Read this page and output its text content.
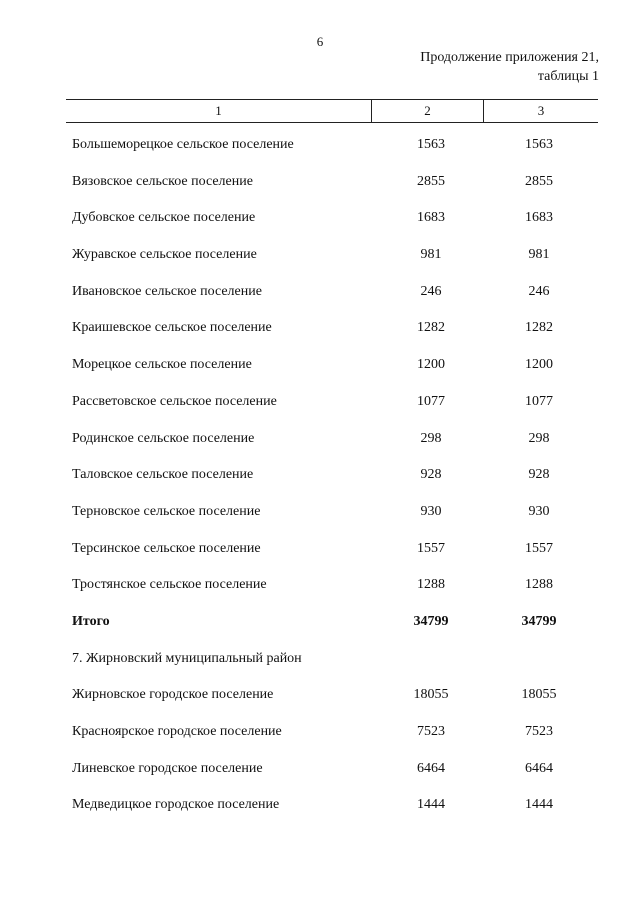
6
Продолжение приложения 21,
таблицы 1
1	2	3
Большеморецкое сельское поселение	1563	1563
Вязовское сельское поселение	2855	2855
Дубовское сельское поселение	1683	1683
Журавское сельское поселение	981	981
Ивановское сельское поселение	246	246
Краишевское сельское поселение	1282	1282
Морецкое сельское поселение	1200	1200
Рассветовское сельское поселение	1077	1077
Родинское сельское поселение	298	298
Таловское сельское поселение	928	928
Терновское сельское поселение	930	930
Терсинское сельское поселение	1557	1557
Тростянское сельское поселение	1288	1288
Итого	34799	34799
7. Жирновский муниципальный район
Жирновское городское поселение	18055	18055
Красноярское городское поселение	7523	7523
Линевское городское поселение	6464	6464
Медведицкое городское поселение	1444	1444
